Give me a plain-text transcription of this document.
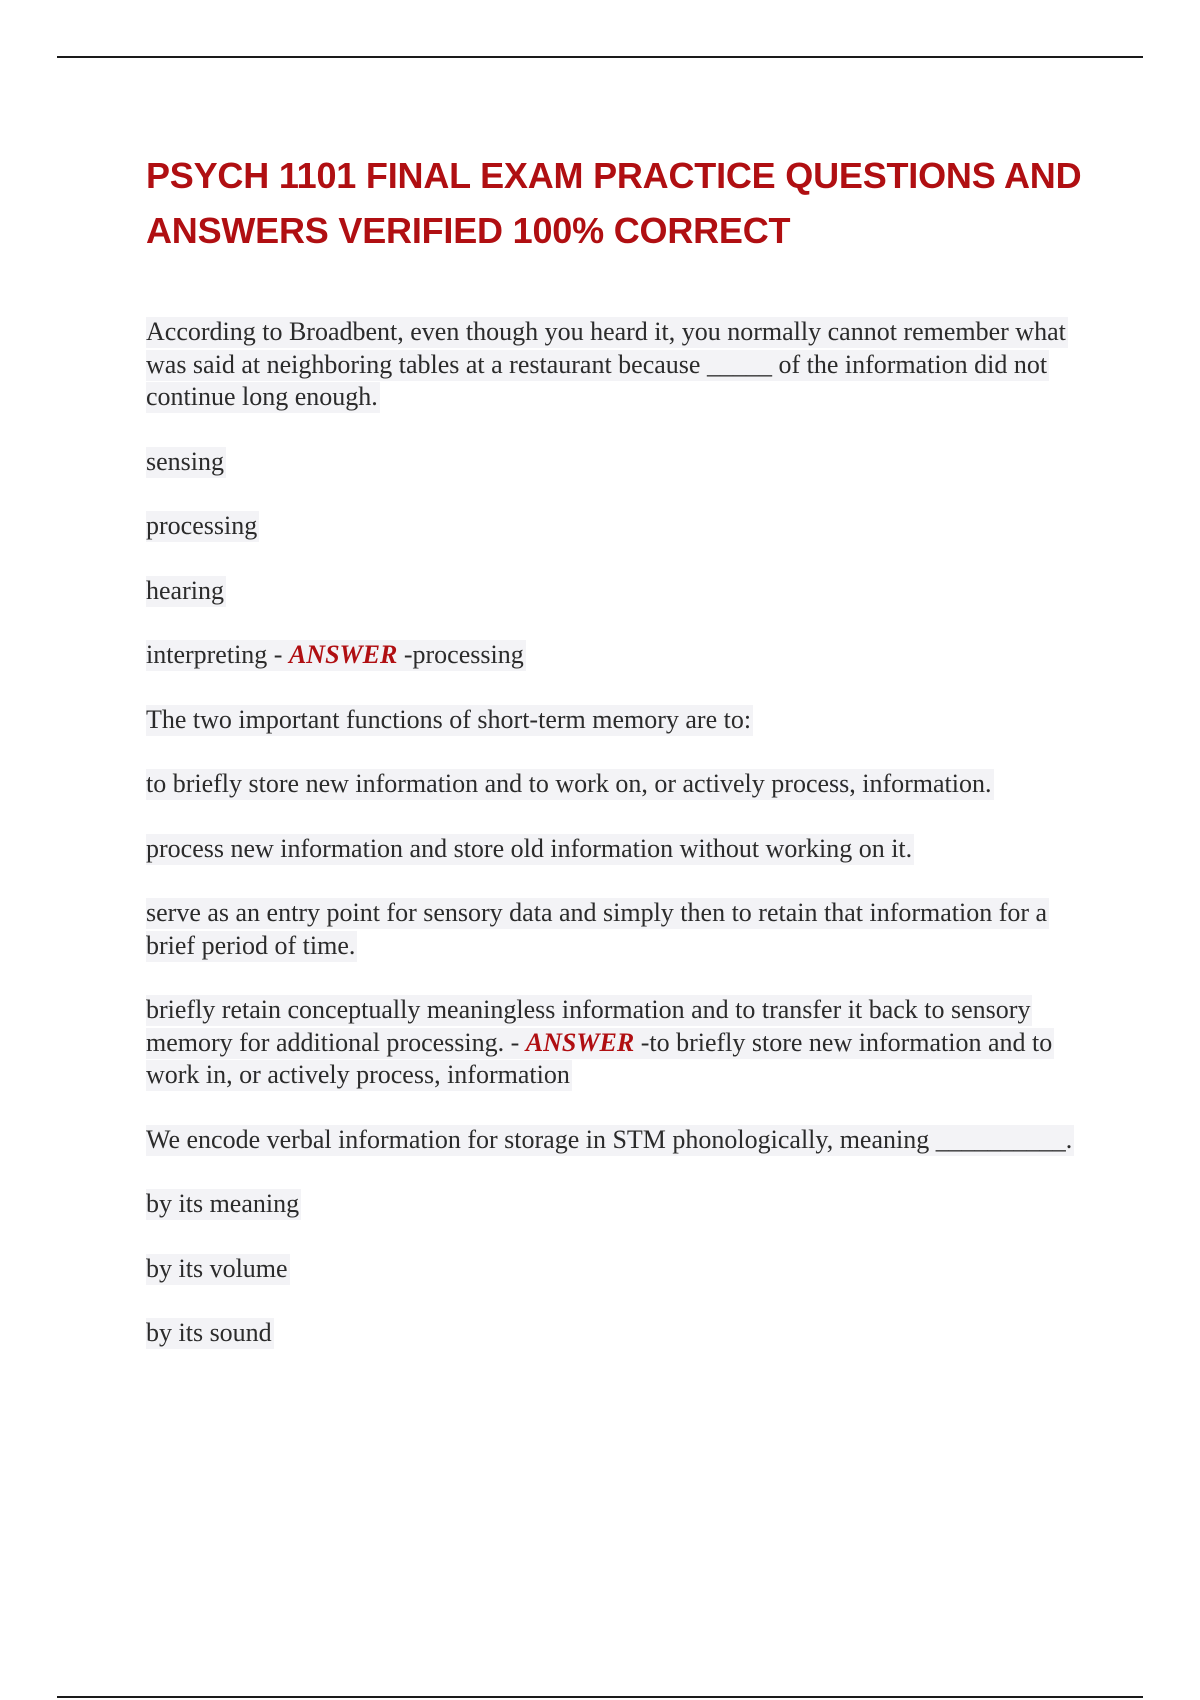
PSYCH 1101 FINAL EXAM PRACTICE QUESTIONS AND ANSWERS VERIFIED 100% CORRECT

According to Broadbent, even though you heard it, you normally cannot remember what was said at neighboring tables at a restaurant because _____ of the information did not continue long enough.

sensing

processing

hearing

interpreting - ANSWER -processing

The two important functions of short-term memory are to:

to briefly store new information and to work on, or actively process, information.

process new information and store old information without working on it.

serve as an entry point for sensory data and simply then to retain that information for a brief period of time.

briefly retain conceptually meaningless information and to transfer it back to sensory memory for additional processing. - ANSWER -to briefly store new information and to work in, or actively process, information

We encode verbal information for storage in STM phonologically, meaning __________.

by its meaning

by its volume

by its sound
